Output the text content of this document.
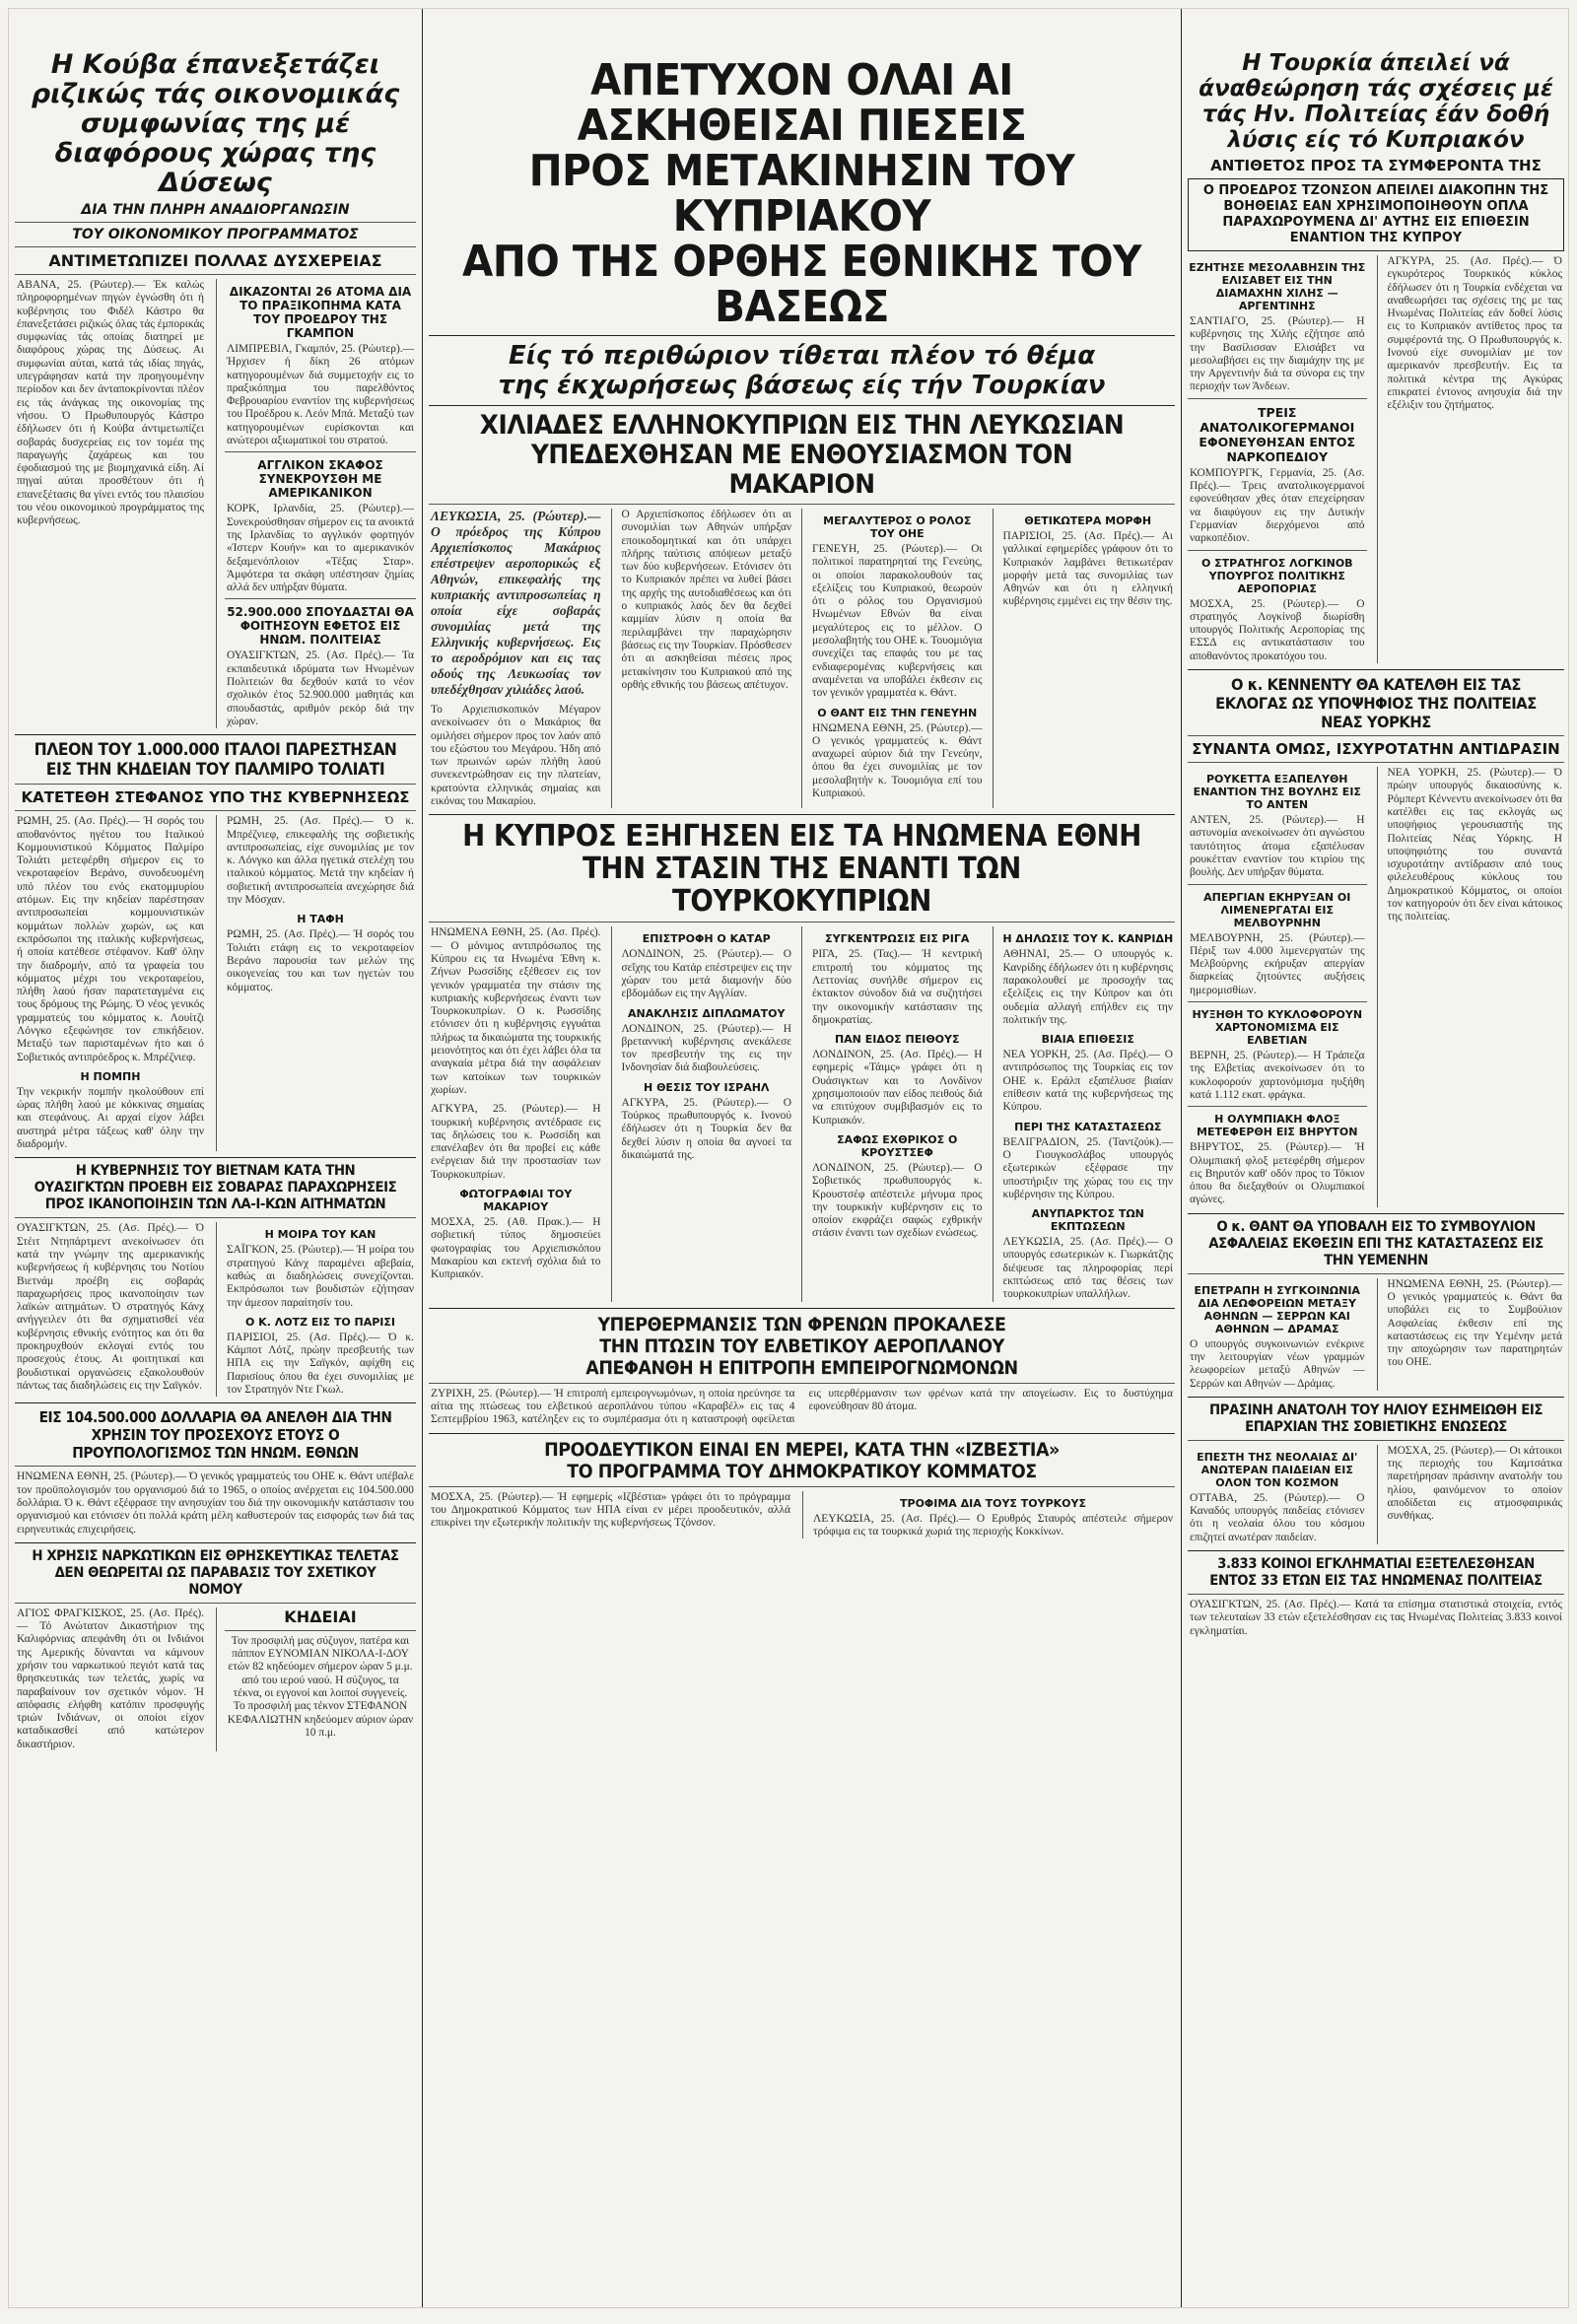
Η Κούβα έπανεξετάζει ριζικώς τάς οικονομικάς συμφωνίας της μέ διαφόρους χώρας της Δύσεως
ΔΙΑ ΤΗΝ ΠΛΗΡΗ ΑΝΑΔΙΟΡΓΑΝΩΣΙΝ
ΤΟΥ ΟΙΚΟΝΟΜΙΚΟΥ ΠΡΟΓΡΑΜΜΑΤΟΣ
ΑΝΤΙΜΕΤΩΠΙΖΕΙ ΠΟΛΛΑΣ ΔΥΣΧΕΡΕΙΑΣ

ΑΒΑΝΑ, 25. (Ρώυτερ).— Έκ καλώς πληροφορημένων πηγών έγνώσθη ότι ή κυβέρνησις του Φιδέλ Κάστρο θα έπανεξετάσει ριζικώς όλας τάς έμπορικάς συμφωνίας τάς οποίας διατηρεί με διαφόρους χώρας της Δύσεως. Αι συμφωνίαι αύται, κατά τάς ιδίας πηγάς, υπεγράφησαν κατά την προηγουμένην περίοδον και δεν άνταποκρίνονται πλέον εις τάς άνάγκας της οικονομίας της νήσου. Ό Πρωθυπουργός Κάστρο έδήλωσεν ότι ή Κούβα άντιμετωπίζει σοβαράς δυσχερείας εις τον τομέα της παραγωγής ζαχάρεως και του έφοδιασμού της με βιομηχανικά είδη. Αί πηγαί αύται προσθέτουν ότι ή επανεξέτασις θα γίνει εντός του πλαισίου του νέου οικονομικού προγράμματος της κυβερνήσεως.

ΔΙΚΑΖΟΝΤΑΙ 26 ΑΤΟΜΑ ΔΙΑ ΤΟ ΠΡΑΞΙΚΟΠΗΜΑ ΚΑΤΑ ΤΟΥ ΠΡΟΕΔΡΟΥ ΤΗΣ ΓΚΑΜΠΟΝ

ΛΙΜΠΡΕΒΙΛ, Γκαμπόν, 25. (Ρώυτερ).— Ήρχισεν ή δίκη 26 ατόμων κατηγορουμένων διά συμμετοχήν εις το πραξικόπημα του παρελθόντος Φεβρουαρίου εναντίον της κυβερνήσεως του Προέδρου κ. Λεόν Μπά. Μεταξύ των κατηγορουμένων ευρίσκονται και ανώτεροι αξιωματικοί του στρατού.

ΑΓΓΛΙΚΟΝ ΣΚΑΦΟΣ ΣΥΝΕΚΡΟΥΣΘΗ ΜΕ ΑΜΕΡΙΚΑΝΙΚΟΝ

ΚΟΡΚ, Ιρλανδία, 25. (Ρώυτερ).— Συνεκρούσθησαν σήμερον εις τα ανοικτά της Ιρλανδίας το αγγλικόν φορτηγόν «Ίστερν Κουήν» και το αμερικανικόν δεξαμενόπλοιον «Τέξας Σταρ». Άμφότερα τα σκάφη υπέστησαν ζημίας αλλά δεν υπήρξαν θύματα.

52.900.000 ΣΠΟΥΔΑΣΤΑΙ ΘΑ ΦΟΙΤΗΣΟΥΝ ΕΦΕΤΟΣ ΕΙΣ ΗΝΩΜ. ΠΟΛΙΤΕΙΑΣ

ΟΥΑΣΙΓΚΤΩΝ, 25. (Ασ. Πρές).— Τα εκπαιδευτικά ιδρύματα των Ηνωμένων Πολιτειών θα δεχθούν κατά το νέον σχολικόν έτος 52.900.000 μαθητάς και σπουδαστάς, αριθμόν ρεκόρ διά την χώραν.

ΠΛΕΟΝ ΤΟΥ 1.000.000 ΙΤΑΛΟΙ ΠΑΡΕΣΤΗΣΑΝ ΕΙΣ ΤΗΝ ΚΗΔΕΙΑΝ ΤΟΥ ΠΑΛΜΙΡΟ ΤΟΛΙΑΤΙ
ΚΑΤΕΤΕΘΗ ΣΤΕΦΑΝΟΣ ΥΠΟ ΤΗΣ ΚΥΒΕΡΝΗΣΕΩΣ

ΡΩΜΗ, 25. (Ασ. Πρές).— Ή σορός του αποθανόντος ηγέτου του Ιταλικού Κομμουνιστικού Κόμματος Παλμίρο Τολιάτι μετεφέρθη σήμερον εις το νεκροταφείον Βεράνο, συνοδευομένη υπό πλέον του ενός εκατομμυρίου ατόμων. Εις την κηδείαν παρέστησαν αντιπροσωπείαι κομμουνιστικών κομμάτων πολλών χωρών, ως και εκπρόσωποι της ιταλικής κυβερνήσεως, ή οποία κατέθεσε στέφανον. Καθ' όλην την διαδρομήν, από τα γραφεία του κόμματος μέχρι του νεκροταφείου, πλήθη λαού ήσαν παρατεταγμένα εις τους δρόμους της Ρώμης. Ό νέος γενικός γραμματεύς του κόμματος κ. Λουίτζι Λόνγκο εξεφώνησε τον επικήδειον. Μεταξύ των παρισταμένων ήτο και ό Σοβιετικός αντιπρόεδρος κ. Μπρέζνιεφ.

Η ΠΟΜΠΗ

Την νεκρικήν πομπήν ηκολούθουν επί ώρας πλήθη λαού με κόκκινας σημαίας και στεφάνους. Αι αρχαί είχον λάβει αυστηρά μέτρα τάξεως καθ' όλην την διαδρομήν.

ΡΩΜΗ, 25. (Ασ. Πρές).— Ό κ. Μπρέζνιεφ, επικεφαλής της σοβιετικής αντιπροσωπείας, είχε συνομιλίας με τον κ. Λόνγκο και άλλα ηγετικά στελέχη του ιταλικού κόμματος. Μετά την κηδείαν ή σοβιετική αντιπροσωπεία ανεχώρησε διά την Μόσχαν.

Η ΤΑΦΗ

ΡΩΜΗ, 25. (Ασ. Πρές).— Ή σορός του Τολιάτι ετάφη εις το νεκροταφείον Βεράνο παρουσία των μελών της οικογενείας του και των ηγετών του κόμματος.

Η ΚΥΒΕΡΝΗΣΙΣ ΤΟΥ ΒΙΕΤΝΑΜ ΚΑΤΑ ΤΗΝ ΟΥΑΣΙΓΚΤΩΝ ΠΡΟΕΒΗ ΕΙΣ ΣΟΒΑΡΑΣ ΠΑΡΑΧΩΡΗΣΕΙΣ ΠΡΟΣ ΙΚΑΝΟΠΟΙΗΣΙΝ ΤΩΝ ΛΑ-Ι-ΚΩΝ ΑΙΤΗΜΑΤΩΝ

ΟΥΑΣΙΓΚΤΩΝ, 25. (Ασ. Πρές).— Ό Στέιτ Ντηπάρτμεντ ανεκοίνωσεν ότι κατά την γνώμην της αμερικανικής κυβερνήσεως ή κυβέρνησις του Νοτίου Βιετνάμ προέβη εις σοβαράς παραχωρήσεις προς ικανοποίησιν των λαϊκών αιτημάτων. Ό στρατηγός Κάνχ ανήγγειλεν ότι θα σχηματισθεί νέα κυβέρνησις εθνικής ενότητος και ότι θα προκηρυχθούν εκλογαί εντός του προσεχούς έτους. Αι φοιτητικαί και βουδιστικαί οργανώσεις εξακολουθούν πάντως τας διαδηλώσεις εις την Σαϊγκόν.

Η ΜΟΙΡΑ ΤΟΥ ΚΑΝ

ΣΑΪΓΚΟΝ, 25. (Ρώυτερ).— Ή μοίρα του στρατηγού Κάνχ παραμένει αβεβαία, καθώς αι διαδηλώσεις συνεχίζονται. Εκπρόσωποι των βουδιστών εζήτησαν την άμεσον παραίτησίν του.

Ο Κ. ΛΟΤΖ ΕΙΣ ΤΟ ΠΑΡΙΣΙ

ΠΑΡΙΣΙΟΙ, 25. (Ασ. Πρές).— Ό κ. Κάμποτ Λότζ, πρώην πρεσβευτής των ΗΠΑ εις την Σαϊγκόν, αφίχθη εις Παρισίους όπου θα έχει συνομιλίας με τον Στρατηγόν Ντε Γκωλ.

ΕΙΣ 104.500.000 ΔΟΛΛΑΡΙΑ ΘΑ ΑΝΕΛΘΗ ΔΙΑ ΤΗΝ ΧΡΗΣΙΝ ΤΟΥ ΠΡΟΣΕΧΟΥΣ ΕΤΟΥΣ Ο ΠΡΟΥΠΟΛΟΓΙΣΜΟΣ ΤΩΝ ΗΝΩΜ. ΕΘΝΩΝ

ΗΝΩΜΕΝΑ ΕΘΝΗ, 25. (Ρώυτερ).— Ό γενικός γραμματεύς του ΟΗΕ κ. Θάντ υπέβαλε τον προϋπολογισμόν του οργανισμού διά το 1965, ο οποίος ανέρχεται εις 104.500.000 δολλάρια. Ό κ. Θάντ εξέφρασε την ανησυχίαν του διά την οικονομικήν κατάστασιν του οργανισμού και ετόνισεν ότι πολλά κράτη μέλη καθυστερούν τας εισφοράς των διά τας ειρηνευτικάς επιχειρήσεις.

Η ΧΡΗΣΙΣ ΝΑΡΚΩΤΙΚΩΝ ΕΙΣ ΘΡΗΣΚΕΥΤΙΚΑΣ ΤΕΛΕΤΑΣ ΔΕΝ ΘΕΩΡΕΙΤΑΙ ΩΣ ΠΑΡΑΒΑΣΙΣ ΤΟΥ ΣΧΕΤΙΚΟΥ ΝΟΜΟΥ

ΑΓΙΟΣ ΦΡΑΓΚΙΣΚΟΣ, 25. (Ασ. Πρές).— Τό Ανώτατον Δικαστήριον της Καλιφόρνιας απεφάνθη ότι οι Ινδιάνοι της Αμερικής δύνανται να κάμνουν χρήσιν του ναρκωτικού πεγιότ κατά τας θρησκευτικάς των τελετάς, χωρίς να παραβαίνουν τον σχετικόν νόμον. Ή απόφασις ελήφθη κατόπιν προσφυγής τριών Ινδιάνων, οι οποίοι είχον καταδικασθεί από κατώτερον δικαστήριον.

ΚΗΔΕΙΑΙ

Τον προσφιλή μας σύζυγον, πατέρα και πάππον ΕΥΝΟΜΙΑΝ ΝΙΚΟΛΑ-Ι-ΔΟΥ ετών 82 κηδεύομεν σήμερον ώραν 5 μ.μ. από του ιερού ναού. Η σύζυγος, τα τέκνα, οι εγγονοί και λοιποί συγγενείς. Το προσφιλή μας τέκνον ΣΤΕΦΑΝΟΝ ΚΕΦΑΛΙΩΤΗΝ κηδεύομεν αύριον ώραν 10 π.μ.

ΑΠΕΤΥΧΟΝ ΟΛΑΙ ΑΙ ΑΣΚΗΘΕΙΣΑΙ ΠΙΕΣΕΙΣ
ΠΡΟΣ ΜΕΤΑΚΙΝΗΣΙΝ ΤΟΥ ΚΥΠΡΙΑΚΟΥ
ΑΠΟ ΤΗΣ ΟΡΘΗΣ ΕΘΝΙΚΗΣ ΤΟΥ ΒΑΣΕΩΣ
Είς τό περιθώριον τίθεται πλέον τό θέμα
της έκχωρήσεως βάσεως είς τήν Τουρκίαν
ΧΙΛΙΑΔΕΣ ΕΛΛΗΝΟΚΥΠΡΙΩΝ ΕΙΣ ΤΗΝ ΛΕΥΚΩΣΙΑΝ
ΥΠΕΔΕΧΘΗΣΑΝ ΜΕ ΕΝΘΟΥΣΙΑΣΜΟΝ ΤΟΝ ΜΑΚΑΡΙΟΝ

ΛΕΥΚΩΣΙΑ, 25. (Ρώυτερ).— Ο πρόεδρος της Κύπρου Αρχιεπίσκοπος Μακάριος επέστρεψεν αεροπορικώς εξ Αθηνών, επικεφαλής της κυπριακής αντιπροσωπείας η οποία είχε σοβαράς συνομιλίας μετά της Ελληνικής κυβερνήσεως. Εις το αεροδρόμιον και εις τας οδούς της Λευκωσίας τον υπεδέχθησαν χιλιάδες λαού.

Το Αρχιεπισκοπικόν Μέγαρον ανεκοίνωσεν ότι ο Μακάριος θα ομιλήσει σήμερον προς τον λαόν από του εξώστου του Μεγάρου. Ήδη από των πρωινών ωρών πλήθη λαού συνεκεντρώθησαν εις την πλατείαν, κρατούντα ελληνικάς σημαίας και εικόνας του Μακαρίου.

Ο Αρχιεπίσκοπος έδήλωσεν ότι αι συνομιλίαι των Αθηνών υπήρξαν εποικοδομητικαί και ότι υπάρχει πλήρης ταύτισις απόψεων μεταξύ των δύο κυβερνήσεων. Ετόνισεν ότι το Κυπριακόν πρέπει να λυθεί βάσει της αρχής της αυτοδιαθέσεως και ότι ο κυπριακός λαός δεν θα δεχθεί καμμίαν λύσιν η οποία θα περιλαμβάνει την παραχώρησιν βάσεως εις την Τουρκίαν. Πρόσθεσεν ότι αι ασκηθείσαι πιέσεις προς μετακίνησιν του Κυπριακού από της ορθής εθνικής του βάσεως απέτυχον.

ΜΕΓΑΛΥΤΕΡΟΣ Ο ΡΟΛΟΣ ΤΟΥ ΟΗΕ

ΓΕΝΕΥΗ, 25. (Ρώυτερ).— Οι πολιτικοί παρατηρηταί της Γενεύης, οι οποίοι παρακολουθούν τας εξελίξεις του Κυπριακού, θεωρούν ότι ο ρόλος του Οργανισμού Ηνωμένων Εθνών θα είναι μεγαλύτερος εις το μέλλον. Ο μεσολαβητής του ΟΗΕ κ. Τουομιόγια συνεχίζει τας επαφάς του με τας ενδιαφερομένας κυβερνήσεις και αναμένεται να υποβάλει έκθεσιν εις τον γενικόν γραμματέα κ. Θάντ.

Ο ΘΑΝΤ ΕΙΣ ΤΗΝ ΓΕΝΕΥΗΝ

ΗΝΩΜΕΝΑ ΕΘΝΗ, 25. (Ρώυτερ).— Ο γενικός γραμματεύς κ. Θάντ αναχωρεί αύριον διά την Γενεύην, όπου θα έχει συνομιλίας με τον μεσολαβητήν κ. Τουομιόγια επί του Κυπριακού.

ΘΕΤΙΚΩΤΕΡΑ ΜΟΡΦΗ

ΠΑΡΙΣΙΟΙ, 25. (Ασ. Πρές).— Αι γαλλικαί εφημερίδες γράφουν ότι το Κυπριακόν λαμβάνει θετικωτέραν μορφήν μετά τας συνομιλίας των Αθηνών και ότι η ελληνική κυβέρνησις εμμένει εις την θέσιν της.

Η ΚΥΠΡΟΣ ΕΞΗΓΗΣΕΝ ΕΙΣ ΤΑ ΗΝΩΜΕΝΑ ΕΘΝΗ
ΤΗΝ ΣΤΑΣΙΝ ΤΗΣ ΕΝΑΝΤΙ ΤΩΝ ΤΟΥΡΚΟΚΥΠΡΙΩΝ

ΗΝΩΜΕΝΑ ΕΘΝΗ, 25. (Ασ. Πρές).— Ο μόνιμος αντιπρόσωπος της Κύπρου εις τα Ηνωμένα Έθνη κ. Ζήνων Ρωσσίδης εξέθεσεν εις τον γενικόν γραμματέα την στάσιν της κυπριακής κυβερνήσεως έναντι των Τουρκοκυπρίων. Ο κ. Ρωσσίδης ετόνισεν ότι η κυβέρνησις εγγυάται πλήρως τα δικαιώματα της τουρκικής μειονότητος και ότι έχει λάβει όλα τα αναγκαία μέτρα διά την ασφάλειαν των κατοίκων των τουρκικών χωρίων.

ΑΓΚΥΡΑ, 25. (Ρώυτερ).— Η τουρκική κυβέρνησις αντέδρασε εις τας δηλώσεις του κ. Ρωσσίδη και επανέλαβεν ότι θα προβεί εις κάθε ενέργειαν διά την προστασίαν των Τουρκοκυπρίων.

ΦΩΤΟΓΡΑΦΙΑΙ ΤΟΥ ΜΑΚΑΡΙΟΥ

ΜΟΣΧΑ, 25. (Αθ. Πρακ.).— Η σοβιετική τύπος δημοσιεύει φωτογραφίας του Αρχιεπισκόπου Μακαρίου και εκτενή σχόλια διά το Κυπριακόν.

ΕΠΙΣΤΡΟΦΗ Ο ΚΑΤΑΡ

ΛΟΝΔΙΝΟΝ, 25. (Ρώυτερ).— Ο σεΐχης του Κατάρ επέστρεψεν εις την χώραν του μετά διαμονήν δύο εβδομάδων εις την Αγγλίαν.

ΑΝΑΚΛΗΣΙΣ ΔΙΠΛΩΜΑΤΟΥ

ΛΟΝΔΙΝΟΝ, 25. (Ρώυτερ).— Η βρεταννική κυβέρνησις ανεκάλεσε τον πρεσβευτήν της εις την Ινδονησίαν διά διαβουλεύσεις.

Η ΘΕΣΙΣ ΤΟΥ ΙΣΡΑΗΛ

ΑΓΚΥΡΑ, 25. (Ρώυτερ).— Ο Τούρκος πρωθυπουργός κ. Ινονού έδήλωσεν ότι η Τουρκία δεν θα δεχθεί λύσιν η οποία θα αγνοεί τα δικαιώματά της.

ΣΥΓΚΕΝΤΡΩΣΙΣ ΕΙΣ ΡΙΓΑ

ΡΙΓΑ, 25. (Τας).— Ή κεντρική επιτροπή του κόμματος της Λεττονίας συνήλθε σήμερον εις έκτακτον σύνοδον διά να συζητήσει την οικονομικήν κατάστασιν της δημοκρατίας.

ΠΑΝ ΕΙΔΟΣ ΠΕΙΘΟΥΣ

ΛΟΝΔΙΝΟΝ, 25. (Ασ. Πρές).— Η εφημερίς «Τάιμς» γράφει ότι η Ουάσιγκτων και το Λονδίνον χρησιμοποιούν παν είδος πειθούς διά να επιτύχουν συμβιβασμόν εις το Κυπριακόν.

ΣΑΦΩΣ ΕΧΘΡΙΚΟΣ Ο ΚΡΟΥΣΤΣΕΦ

ΛΟΝΔΙΝΟΝ, 25. (Ρώυτερ).— Ο Σοβιετικός πρωθυπουργός κ. Κρουστσέφ απέστειλε μήνυμα προς την τουρκικήν κυβέρνησιν εις το οποίον εκφράζει σαφώς εχθρικήν στάσιν έναντι των σχεδίων ενώσεως.

Η ΔΗΛΩΣΙΣ ΤΟΥ Κ. ΚΑΝΡΙΔΗ

ΑΘΗΝΑΙ, 25.— Ο υπουργός κ. Κανρίδης έδήλωσεν ότι η κυβέρνησις παρακολουθεί με προσοχήν τας εξελίξεις εις την Κύπρον και ότι ουδεμία αλλαγή επήλθεν εις την πολιτικήν της.

ΒΙΑΙΑ ΕΠΙΘΕΣΙΣ

ΝΕΑ ΥΟΡΚΗ, 25. (Ασ. Πρές).— Ο αντιπρόσωπος της Τουρκίας εις τον ΟΗΕ κ. Εράλπ εξαπέλυσε βιαίαν επίθεσιν κατά της κυβερνήσεως της Κύπρου.

ΠΕΡΙ ΤΗΣ ΚΑΤΑΣΤΑΣΕΩΣ

ΒΕΛΙΓΡΑΔΙΟΝ, 25. (Ταντζούκ).— Ο Γιουγκοσλάβος υπουργός εξωτερικών εξέφρασε την υποστήριξιν της χώρας του εις την κυβέρνησιν της Κύπρου.

ΑΝΥΠΑΡΚΤΟΣ ΤΩΝ ΕΚΠΤΩΣΕΩΝ

ΛΕΥΚΩΣΙΑ, 25. (Ασ. Πρές).— Ο υπουργός εσωτερικών κ. Γιωρκάτζης διέψευσε τας πληροφορίας περί εκπτώσεως από τας θέσεις των τουρκοκυπρίων υπαλλήλων.

ΥΠΕΡΘΕΡΜΑΝΣΙΣ ΤΩΝ ΦΡΕΝΩΝ ΠΡΟΚΑΛΕΣΕ
ΤΗΝ ΠΤΩΣΙΝ ΤΟΥ ΕΛΒΕΤΙΚΟΥ ΑΕΡΟΠΛΑΝΟΥ
ΑΠΕΦΑΝΘΗ Η ΕΠΙΤΡΟΠΗ ΕΜΠΕΙΡΟΓΝΩΜΟΝΩΝ

ΖΥΡΙΧΗ, 25. (Ρώυτερ).— Ή επιτροπή εμπειρογνωμόνων, η οποία ηρεύνησε τα αίτια της πτώσεως του ελβετικού αεροπλάνου τύπου «Καραβέλ» εις τας 4 Σεπτεμβρίου 1963, κατέληξεν εις το συμπέρασμα ότι η καταστροφή οφείλεται εις υπερθέρμανσιν των φρένων κατά την απογείωσιν. Εις το δυστύχημα εφονεύθησαν 80 άτομα.

ΠΡΟΟΔΕΥΤΙΚΟΝ ΕΙΝΑΙ ΕΝ ΜΕΡΕΙ, ΚΑΤΑ ΤΗΝ «ΙΖΒΕΣΤΙΑ»
ΤΟ ΠΡΟΓΡΑΜΜΑ ΤΟΥ ΔΗΜΟΚΡΑΤΙΚΟΥ ΚΟΜΜΑΤΟΣ

ΜΟΣΧΑ, 25. (Ρώυτερ).— Ή εφημερίς «Ιζβέστια» γράφει ότι το πρόγραμμα του Δημοκρατικού Κόμματος των ΗΠΑ είναι εν μέρει προοδευτικόν, αλλά επικρίνει την εξωτερικήν πολιτικήν της κυβερνήσεως Τζόνσον.

ΤΡΟΦΙΜΑ ΔΙΑ ΤΟΥΣ ΤΟΥΡΚΟΥΣ

ΛΕΥΚΩΣΙΑ, 25. (Ασ. Πρές).— Ο Ερυθρός Σταυρός απέστειλε σήμερον τρόφιμα εις τα τουρκικά χωριά της περιοχής Κοκκίνων.

Η Τουρκία άπειλεί νά άναθεώρηση τάς σχέσεις μέ τάς Ην. Πολιτείας έάν δοθή λύσις είς τό Κυπριακόν
ΑΝΤΙΘΕΤΟΣ ΠΡΟΣ ΤΑ ΣΥΜΦΕΡΟΝΤΑ ΤΗΣ
Ο ΠΡΟΕΔΡΟΣ ΤΖΟΝΣΟΝ ΑΠΕΙΛΕΙ ΔΙΑΚΟΠΗΝ ΤΗΣ ΒΟΗΘΕΙΑΣ ΕΑΝ ΧΡΗΣΙΜΟΠΟΙΗΘΟΥΝ ΟΠΛΑ ΠΑΡΑΧΩΡΟΥΜΕΝΑ ΔΙ' ΑΥΤΗΣ ΕΙΣ ΕΠΙΘΕΣΙΝ ΕΝΑΝΤΙΟΝ ΤΗΣ ΚΥΠΡΟΥ
ΕΖΗΤΗΣΕ ΜΕΣΟΛΑΒΗΣΙΝ ΤΗΣ ΕΛΙΣΑΒΕΤ ΕΙΣ ΤΗΝ ΔΙΑΜΑΧΗΝ ΧΙΛΗΣ — ΑΡΓΕΝΤΙΝΗΣ

ΣΑΝΤΙΑΓΟ, 25. (Ρώυτερ).— Η κυβέρνησις της Χιλής εζήτησε από την Βασίλισσαν Ελισάβετ να μεσολαβήσει εις την διαμάχην της με την Αργεντινήν διά τα σύνορα εις την περιοχήν των Άνδεων.

ΤΡΕΙΣ ΑΝΑΤΟΛΙΚΟΓΕΡΜΑΝΟΙ ΕΦΟΝΕΥΘΗΣΑΝ ΕΝΤΟΣ ΝΑΡΚΟΠΕΔΙΟΥ

ΚΟΜΠΟΥΡΓΚ, Γερμανία, 25. (Ασ. Πρές).— Τρεις ανατολικογερμανοί εφονεύθησαν χθες όταν επεχείρησαν να διαφύγουν εις την Δυτικήν Γερμανίαν διερχόμενοι από ναρκοπέδιον.

Ο ΣΤΡΑΤΗΓΟΣ ΛΟΓΚΙΝΟΒ ΥΠΟΥΡΓΟΣ ΠΟΛΙΤΙΚΗΣ ΑΕΡΟΠΟΡΙΑΣ

ΜΟΣΧΑ, 25. (Ρώυτερ).— Ο στρατηγός Λογκίνοβ διωρίσθη υπουργός Πολιτικής Αεροπορίας της ΕΣΣΔ εις αντικατάστασιν του αποθανόντος προκατόχου του.

ΑΓΚΥΡΑ, 25. (Ασ. Πρές).— Ό εγκυρότερος Τουρκικός κύκλος έδήλωσεν ότι η Τουρκία ενδέχεται να αναθεωρήσει τας σχέσεις της με τας Ηνωμένας Πολιτείας εάν δοθεί λύσις εις το Κυπριακόν αντίθετος προς τα συμφέροντά της. Ο Πρωθυπουργός κ. Ινονού είχε συνομιλίαν με τον αμερικανόν πρεσβευτήν. Εις τα πολιτικά κέντρα της Αγκύρας επικρατεί έντονος ανησυχία διά την εξέλιξιν του ζητήματος.

Ο κ. ΚΕΝΝΕΝΤΥ ΘΑ ΚΑΤΕΛΘΗ ΕΙΣ ΤΑΣ ΕΚΛΟΓΑΣ ΩΣ ΥΠΟΨΗΦΙΟΣ ΤΗΣ ΠΟΛΙΤΕΙΑΣ ΝΕΑΣ ΥΟΡΚΗΣ
ΣΥΝΑΝΤΑ ΟΜΩΣ, ΙΣΧΥΡΟΤΑΤΗΝ ΑΝΤΙΔΡΑΣΙΝ
ΡΟΥΚΕΤΤΑ ΕΞΑΠΕΛΥΘΗ ΕΝΑΝΤΙΟΝ ΤΗΣ ΒΟΥΛΗΣ ΕΙΣ ΤΟ ΑΝΤΕΝ

ΑΝΤΕΝ, 25. (Ρώυτερ).— Η αστυνομία ανεκοίνωσεν ότι αγνώστου ταυτότητος άτομα εξαπέλυσαν ρουκέτταν εναντίον του κτιρίου της βουλής. Δεν υπήρξαν θύματα.

ΑΠΕΡΓΙΑΝ ΕΚΗΡΥΞΑΝ ΟΙ ΛΙΜΕΝΕΡΓΑΤΑΙ ΕΙΣ ΜΕΛΒΟΥΡΝΗΝ

ΜΕΛΒΟΥΡΝΗ, 25. (Ρώυτερ).— Πέριξ των 4.000 λιμενεργατών της Μελβούρνης εκήρυξαν απεργίαν διαρκείας ζητούντες αυξήσεις ημερομισθίων.

ΗΥΞΗΘΗ ΤΟ ΚΥΚΛΟΦΟΡΟΥΝ ΧΑΡΤΟΝΟΜΙΣΜΑ ΕΙΣ ΕΛΒΕΤΙΑΝ

ΒΕΡΝΗ, 25. (Ρώυτερ).— Η Τράπεζα της Ελβετίας ανεκοίνωσεν ότι το κυκλοφορούν χαρτονόμισμα ηυξήθη κατά 1.112 εκατ. φράγκα.

Η ΟΛΥΜΠΙΑΚΗ ΦΛΟΞ ΜΕΤΕΦΕΡΘΗ ΕΙΣ ΒΗΡΥΤΟΝ

ΒΗΡΥΤΟΣ, 25. (Ρώυτερ).— Ή Ολυμπιακή φλοξ μετεφέρθη σήμερον εις Βηρυτόν καθ' οδόν προς το Τόκιον όπου θα διεξαχθούν οι Ολυμπιακοί αγώνες.

ΝΕΑ ΥΟΡΚΗ, 25. (Ρώυτερ).— Ό πρώην υπουργός δικαιοσύνης κ. Ρόμπερτ Κέννεντυ ανεκοίνωσεν ότι θα κατέλθει εις τας εκλογάς ως υποψήφιος γερουσιαστής της Πολιτείας Νέας Υόρκης. Η υποψηφιότης του συναντά ισχυροτάτην αντίδρασιν από τους φιλελευθέρους κύκλους του Δημοκρατικού Κόμματος, οι οποίοι τον κατηγορούν ότι δεν είναι κάτοικος της πολιτείας.

Ο κ. ΘΑΝΤ ΘΑ ΥΠΟΒΑΛΗ ΕΙΣ ΤΟ ΣΥΜΒΟΥΛΙΟΝ ΑΣΦΑΛΕΙΑΣ ΕΚΘΕΣΙΝ ΕΠΙ ΤΗΣ ΚΑΤΑΣΤΑΣΕΩΣ ΕΙΣ ΤΗΝ ΥΕΜΕΝΗΝ
ΕΠΕΤΡΑΠΗ Η ΣΥΓΚΟΙΝΩΝΙΑ ΔΙΑ ΛΕΩΦΟΡΕΙΩΝ ΜΕΤΑΞΥ ΑΘΗΝΩΝ — ΣΕΡΡΩΝ ΚΑΙ ΑΘΗΝΩΝ — ΔΡΑΜΑΣ

Ο υπουργός συγκοινωνιών ενέκρινε την λειτουργίαν νέων γραμμών λεωφορείων μεταξύ Αθηνών — Σερρών και Αθηνών — Δράμας.

ΗΝΩΜΕΝΑ ΕΘΝΗ, 25. (Ρώυτερ).— Ο γενικός γραμματεύς κ. Θάντ θα υποβάλει εις το Συμβούλιον Ασφαλείας έκθεσιν επί της καταστάσεως εις την Υεμένην μετά την αποχώρησιν των παρατηρητών του ΟΗΕ.

ΠΡΑΣΙΝΗ ΑΝΑΤΟΛΗ ΤΟΥ ΗΛΙΟΥ ΕΣΗΜΕΙΩΘΗ ΕΙΣ ΕΠΑΡΧΙΑΝ ΤΗΣ ΣΟΒΙΕΤΙΚΗΣ ΕΝΩΣΕΩΣ
ΕΠΕΣΤΗ ΤΗΣ ΝΕΟΛΑΙΑΣ ΔΙ' ΑΝΩΤΕΡΑΝ ΠΑΙΔΕΙΑΝ ΕΙΣ ΟΛΟΝ ΤΟΝ ΚΟΣΜΟΝ

ΟΤΤΑΒΑ, 25. (Ρώυτερ).— Ο Καναδός υπουργός παιδείας ετόνισεν ότι η νεολαία όλου του κόσμου επιζητεί ανωτέραν παιδείαν.

ΜΟΣΧΑ, 25. (Ρώυτερ).— Οι κάτοικοι της περιοχής του Καμτσάτκα παρετήρησαν πράσινην ανατολήν του ηλίου, φαινόμενον το οποίον αποδίδεται εις ατμοσφαιρικάς συνθήκας.

3.833 ΚΟΙΝΟΙ ΕΓΚΛΗΜΑΤΙΑΙ ΕΞΕΤΕΛΕΣΘΗΣΑΝ ΕΝΤΟΣ 33 ΕΤΩΝ ΕΙΣ ΤΑΣ ΗΝΩΜΕΝΑΣ ΠΟΛΙΤΕΙΑΣ

ΟΥΑΣΙΓΚΤΩΝ, 25. (Ασ. Πρές).— Κατά τα επίσημα στατιστικά στοιχεία, εντός των τελευταίων 33 ετών εξετελέσθησαν εις τας Ηνωμένας Πολιτείας 3.833 κοινοί εγκληματίαι.
